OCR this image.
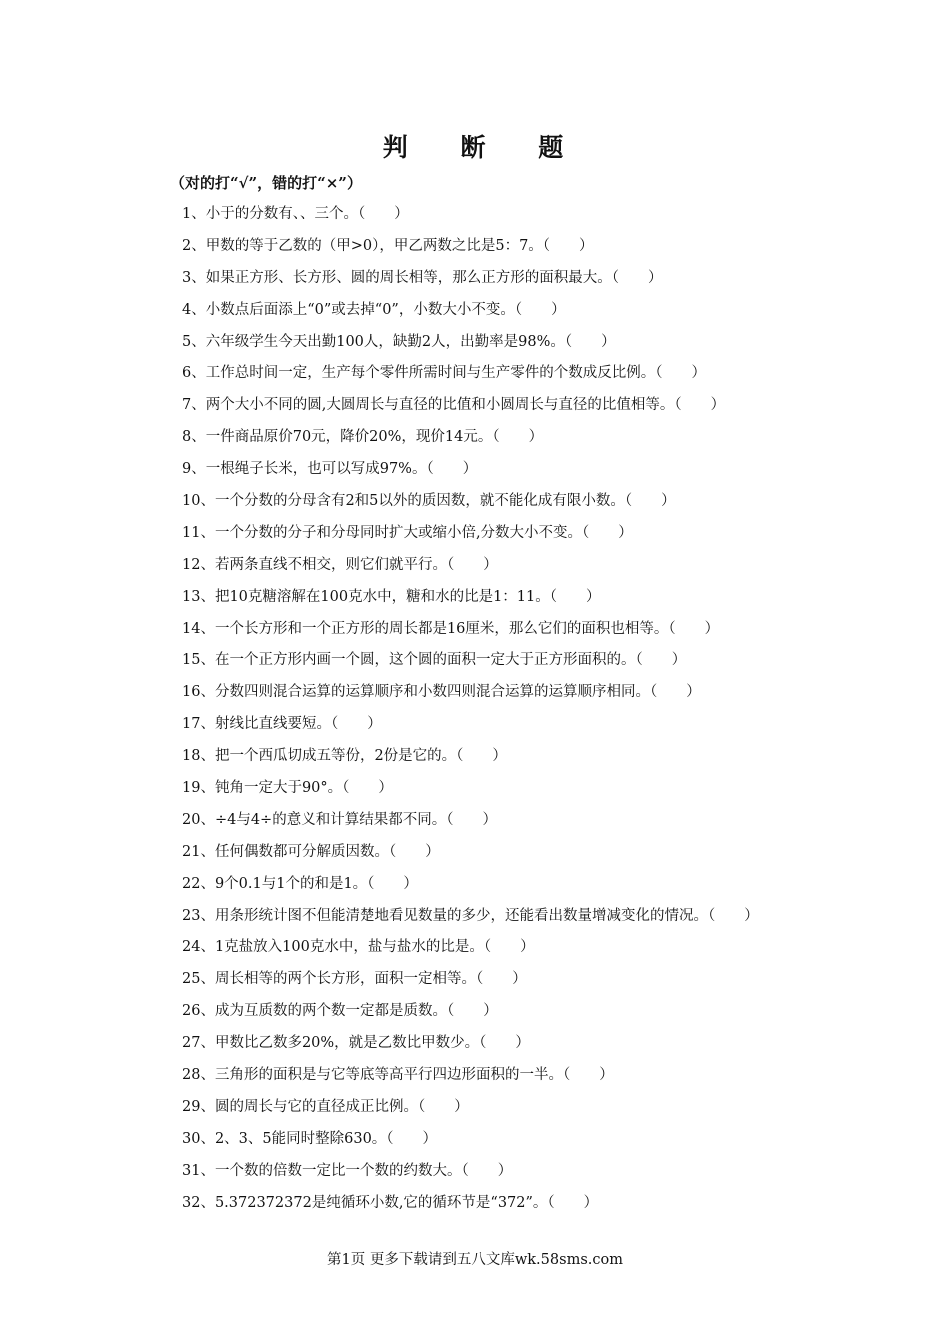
判 断 题
（对的打“√”，错的打“×”）
1、小于的分数有、、三个。（　　）
2、甲数的等于乙数的（甲>0），甲乙两数之比是5：7。（　　）
3、如果正方形、长方形、圆的周长相等，那么正方形的面积最大。（　　）
4、小数点后面添上“0”或去掉“0”，小数大小不变。（　　）
5、六年级学生今天出勤100人，缺勤2人，出勤率是98%。（　　）
6、工作总时间一定，生产每个零件所需时间与生产零件的个数成反比例。（　　）
7、两个大小不同的圆,大圆周长与直径的比值和小圆周长与直径的比值相等。（　　）
8、一件商品原价70元，降价20%，现价14元。（　　）
9、一根绳子长米，也可以写成97%。（　　）
10、一个分数的分母含有2和5以外的质因数，就不能化成有限小数。（　　）
11、一个分数的分子和分母同时扩大或缩小倍,分数大小不变。（　　）
12、若两条直线不相交，则它们就平行。（　　）
13、把10克糖溶解在100克水中，糖和水的比是1：11。（　　）
14、一个长方形和一个正方形的周长都是16厘米，那么它们的面积也相等。（　　）
15、在一个正方形内画一个圆，这个圆的面积一定大于正方形面积的。（　　）
16、分数四则混合运算的运算顺序和小数四则混合运算的运算顺序相同。（　　）
17、射线比直线要短。（　　）
18、把一个西瓜切成五等份，2份是它的。（　　）
19、钝角一定大于90°。（　　）
20、÷4与4÷的意义和计算结果都不同。（　　）
21、任何偶数都可分解质因数。（　　）
22、9个0.1与1个的和是1。（　　）
23、用条形统计图不但能清楚地看见数量的多少，还能看出数量增减变化的情况。（　　）
24、1克盐放入100克水中，盐与盐水的比是。（　　）
25、周长相等的两个长方形，面积一定相等。（　　）
26、成为互质数的两个数一定都是质数。（　　）
27、甲数比乙数多20%，就是乙数比甲数少。（　　）
28、三角形的面积是与它等底等高平行四边形面积的一半。（　　）
29、圆的周长与它的直径成正比例。（　　）
30、2、3、5能同时整除630。（　　）
31、一个数的倍数一定比一个数的约数大。（　　）
32、5.372372372是纯循环小数,它的循环节是“372”。（　　）
第1页 更多下载请到五八文库wk.58sms.com
